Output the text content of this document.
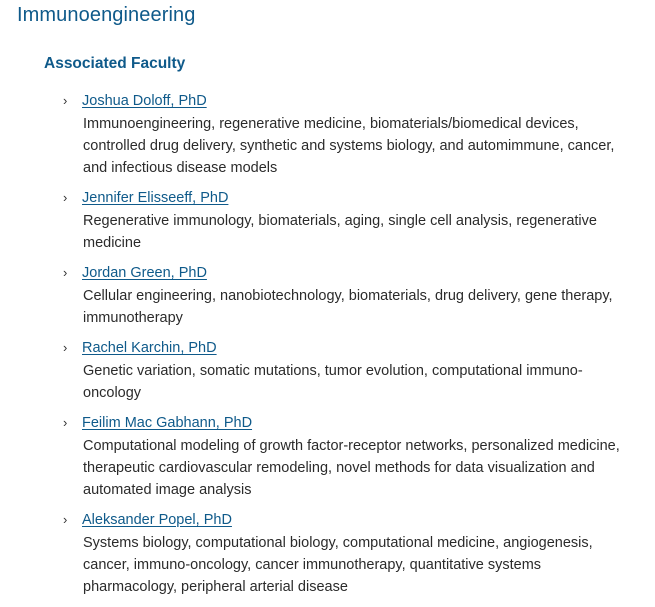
Immunoengineering
Associated Faculty
› Joshua Doloff, PhD

Immunoengineering, regenerative medicine, biomaterials/biomedical devices, controlled drug delivery, synthetic and systems biology, and automimmune, cancer, and infectious disease models

› Jennifer Elisseeff, PhD

Regenerative immunology, biomaterials, aging, single cell analysis, regenerative medicine

› Jordan Green, PhD

Cellular engineering, nanobiotechnology, biomaterials, drug delivery, gene therapy, immunotherapy

› Rachel Karchin, PhD

Genetic variation, somatic mutations, tumor evolution, computational immuno-oncology

› Feilim Mac Gabhann, PhD

Computational modeling of growth factor-receptor networks, personalized medicine, therapeutic cardiovascular remodeling, novel methods for data visualization and automated image analysis

› Aleksander Popel, PhD

Systems biology, computational biology, computational medicine, angiogenesis, cancer, immuno-oncology, cancer immunotherapy, quantitative systems pharmacology, peripheral arterial disease
